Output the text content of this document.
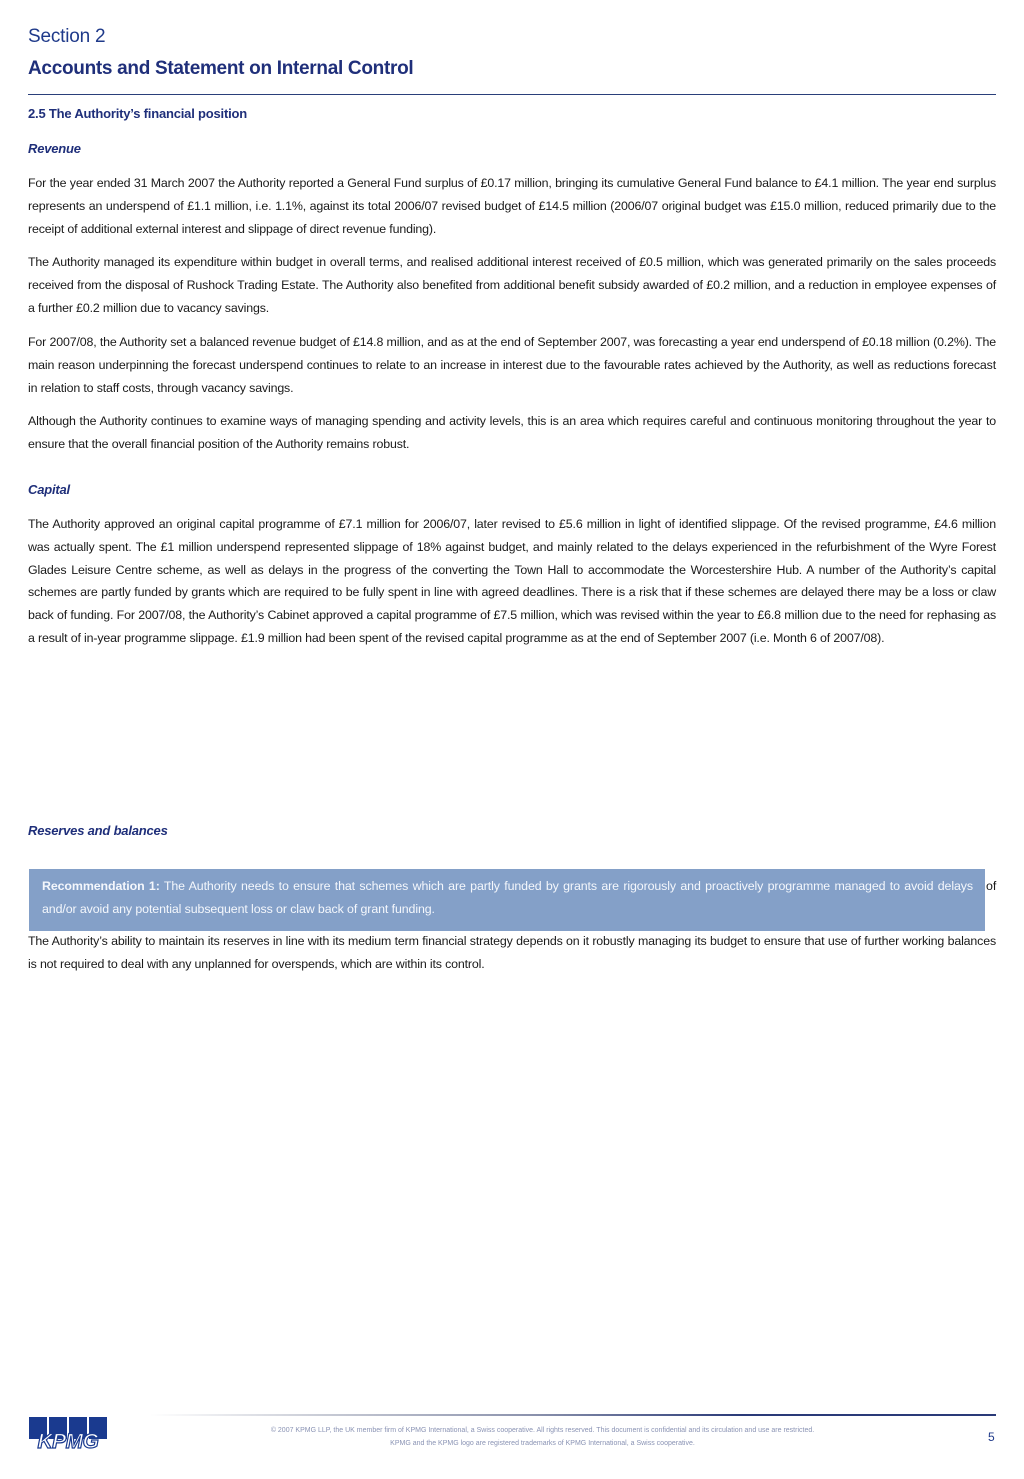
Section 2
Accounts and Statement on Internal Control
2.5 The Authority’s financial position
Revenue

For the year ended 31 March 2007 the Authority reported a General Fund surplus of £0.17 million, bringing its cumulative General Fund balance to £4.1 million. The year end surplus represents an underspend of £1.1 million, i.e. 1.1%, against its total 2006/07 revised budget of £14.5 million (2006/07 original budget was £15.0 million, reduced primarily due to the receipt of additional external interest and slippage of direct revenue funding).

The Authority managed its expenditure within budget in overall terms, and realised additional interest received of £0.5 million, which was generated primarily on the sales proceeds received from the disposal of Rushock Trading Estate. The Authority also benefited from additional benefit subsidy awarded of £0.2 million, and a reduction in employee expenses of a further £0.2 million due to vacancy savings.

For 2007/08, the Authority set a balanced revenue budget of £14.8 million, and as at the end of September 2007, was forecasting a year end underspend of £0.18 million (0.2%). The main reason underpinning the forecast underspend continues to relate to an increase in interest due to the favourable rates achieved by the Authority, as well as reductions forecast in relation to staff costs, through vacancy savings.

Although the Authority continues to examine ways of managing spending and activity levels, this is an area which requires careful and continuous monitoring throughout the year to ensure that the overall financial position of the Authority remains robust.

Capital

The Authority approved an original capital programme of £7.1 million for 2006/07, later revised to £5.6 million in light of identified slippage. Of the revised programme, £4.6 million was actually spent. The £1 million underspend represented slippage of 18% against budget, and mainly related to the delays experienced in the refurbishment of the Wyre Forest Glades Leisure Centre scheme, as well as delays in the progress of the converting the Town Hall to accommodate the Worcestershire Hub. A number of the Authority’s capital schemes are partly funded by grants which are required to be fully spent in line with agreed deadlines. There is a risk that if these schemes are delayed there may be a loss or claw back of funding. For 2007/08, the Authority’s Cabinet approved a capital programme of £7.5 million, which was revised within the year to £6.8 million due to the need for rephasing as a result of in-year programme slippage. £1.9 million had been spent of the revised capital programme as at the end of September 2007 (i.e. Month 6 of 2007/08).

Reserves and balances
Recommendation 1: The Authority needs to ensure that schemes which are partly funded by grants are rigorously and proactively programme managed to avoid delays and/or avoid any potential subsequent loss or claw back of grant funding.
of

The Authority’s ability to maintain its reserves in line with its medium term financial strategy depends on it robustly managing its budget to ensure that use of further working balances is not required to deal with any unplanned for overspends, which are within its control.

KPMG	© 2007 KPMG LLP, the UK member firm of KPMG International, a Swiss cooperative. All rights reserved. This document is confidential and its circulation and use are restricted.
KPMG and the KPMG logo are registered trademarks of KPMG International, a Swiss cooperative.	5
